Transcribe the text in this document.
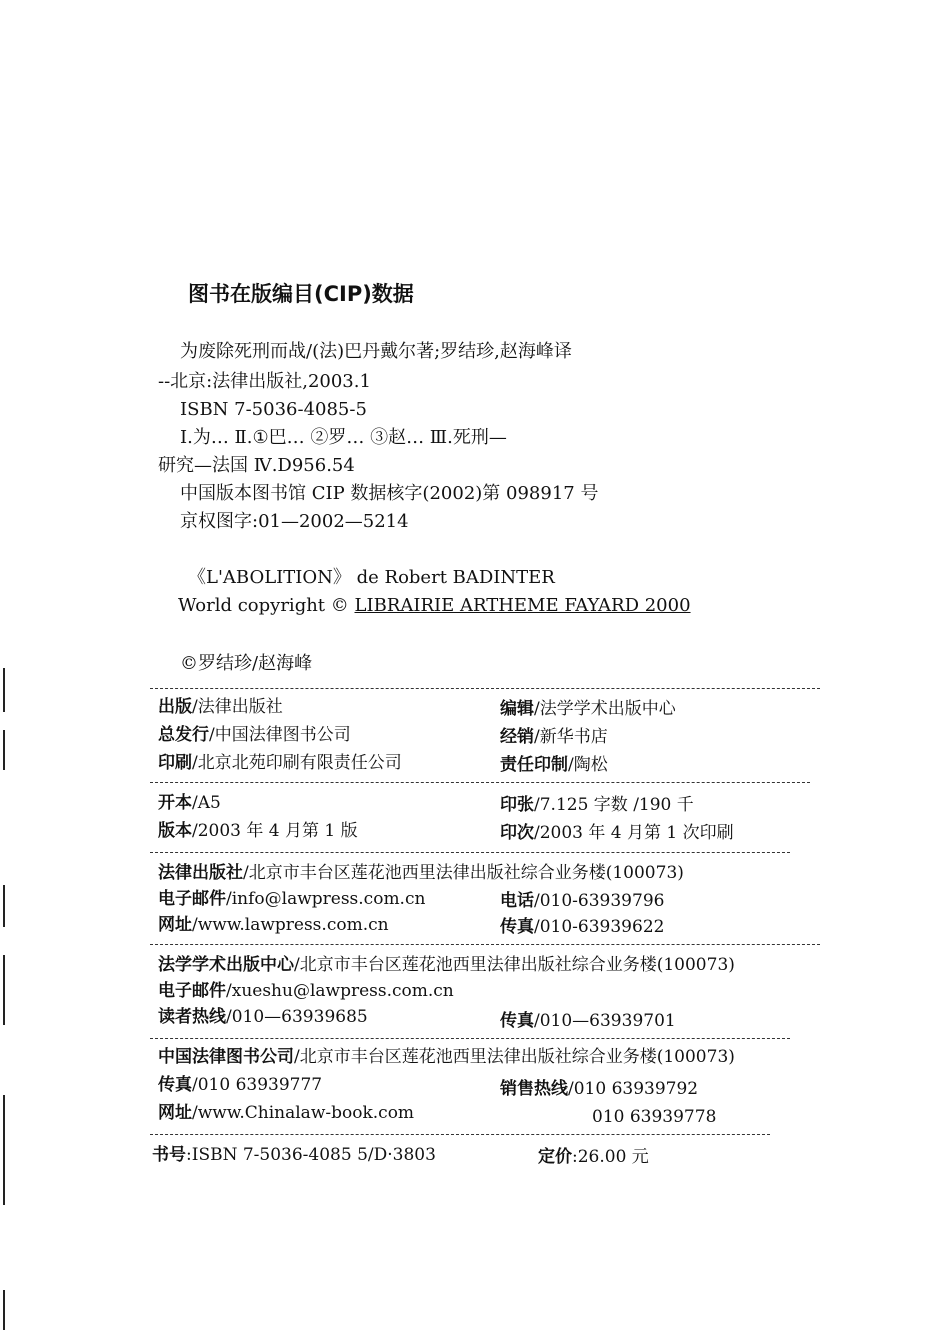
图书在版编目(CIP)数据
为废除死刑而战/(法)巴丹戴尔著;罗结珍,赵海峰译
--北京:法律出版社,2003.1
ISBN 7-5036-4085-5
Ⅰ.为… Ⅱ.①巴… ②罗… ③赵… Ⅲ.死刑—
研究—法国 Ⅳ.D956.54
中国版本图书馆 CIP 数据核字(2002)第 098917 号
京权图字:01—2002—5214
《L'ABOLITION》 de Robert BADINTER
World copyright © LIBRAIRIE ARTHEME FAYARD 2000
©罗结珍/赵海峰
出版/法律出版社	编辑/法学学术出版中心
总发行/中国法律图书公司	经销/新华书店
印刷/北京北苑印刷有限责任公司	责任印制/陶松
开本/A5	印张/7.125 字数 /190 千
版本/2003 年 4 月第 1 版	印次/2003 年 4 月第 1 次印刷
法律出版社/北京市丰台区莲花池西里法律出版社综合业务楼(100073)
电子邮件/info@lawpress.com.cn	电话/010-63939796
网址/www.lawpress.com.cn	传真/010-63939622
法学学术出版中心/北京市丰台区莲花池西里法律出版社综合业务楼(100073)
电子邮件/xueshu@lawpress.com.cn
读者热线/010—63939685	传真/010—63939701
中国法律图书公司/北京市丰台区莲花池西里法律出版社综合业务楼(100073)
传真/010 63939777	销售热线/010 63939792
网址/www.Chinalaw-book.com	010 63939778
书号:ISBN 7-5036-4085 5/D·3803	定价:26.00 元
